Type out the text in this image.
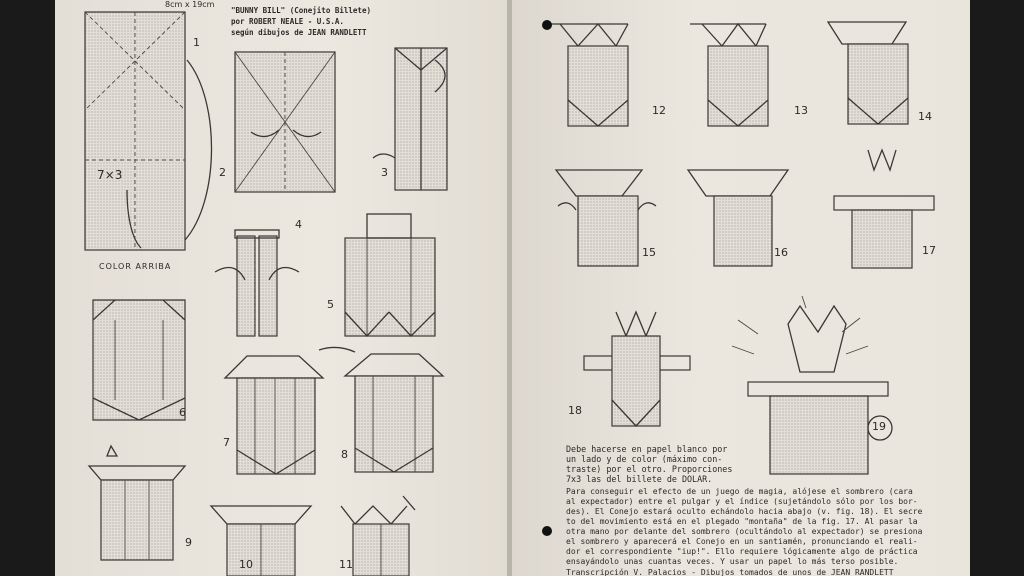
8cm x 19cm
"BUNNY BILL" (Conejito Billete)
por ROBERT NEALE - U.S.A.
según dibujos de JEAN RANDLETT
7×3
COLOR ARRIBA
1
2	3
4
5
6
7
8
9
10	11
12	13	14
15	16	17
18
19
Debe hacerse en papel blanco por
un lado y de color (máximo con-
traste) por el otro. Proporciones
7x3 las del billete de DOLAR.
Para conseguir el efecto de un juego de magia, alójese el sombrero (cara
al expectador) entre el pulgar y el índice (sujetándolo sólo por los bor-
des). El Conejo estará oculto echándolo hacia abajo (v. fig. 18). El secre
to del movimiento está en el plegado "montaña" de la fig. 17. Al pasar la
otra mano por delante del sombrero (ocultándolo al expectador) se presiona
el sombrero y aparecerá el Conejo en un santiamén, pronunciando el reali-
dor el correspondiente "iup!". Ello requiere lógicamente algo de práctica
ensayándolo unas cuantas veces. Y usar un papel lo más terso posible.
Transcripción V. Palacios - Dibujos tomados de unos de JEAN RANDLETT
